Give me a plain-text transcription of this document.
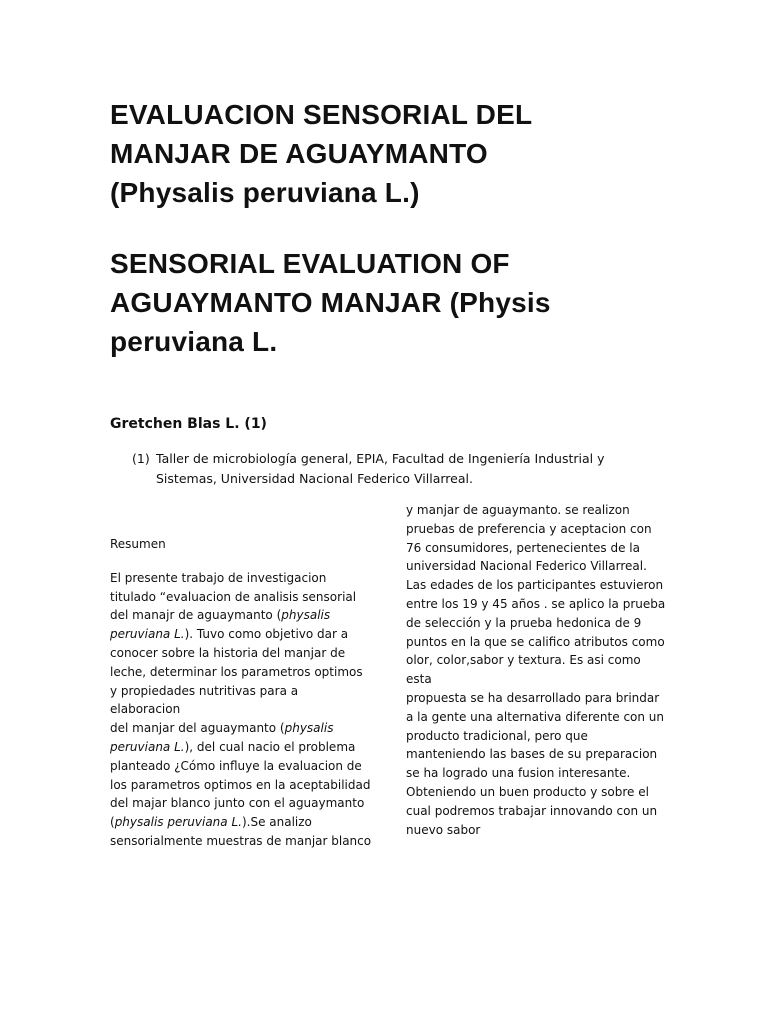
EVALUACION SENSORIAL DEL
MANJAR DE AGUAYMANTO
(Physalis peruviana L.)
SENSORIAL EVALUATION OF
AGUAYMANTO MANJAR (Physis
peruviana L.
Gretchen Blas L. (1)
(1) Taller de microbiología general, EPIA, Facultad de Ingeniería Industrial y
Sistemas, Universidad Nacional Federico Villarreal.
Resumen

El presente trabajo de investigacion
titulado “evaluacion de analisis sensorial
del manajr de aguaymanto (physalis
peruviana L.). Tuvo como objetivo dar a
conocer sobre la historia del manjar de
leche, determinar los parametros optimos
y propiedades nutritivas para a elaboracion
del manjar del aguaymanto (physalis
peruviana L.), del cual nacio el problema
planteado ¿Cómo influye la evaluacion de
los parametros optimos en la aceptabilidad
del majar blanco junto con el aguaymanto
(physalis peruviana L.).Se analizo
sensorialmente muestras de manjar blanco

y manjar de aguaymanto. se realizon
pruebas de preferencia y aceptacion con
76 consumidores, pertenecientes de la
universidad Nacional Federico Villarreal.
Las edades de los participantes estuvieron
entre los 19 y 45 años . se aplico la prueba
de selección y la prueba hedonica de 9
puntos en la que se califico atributos como
olor, color,sabor y textura. Es asi como esta
propuesta se ha desarrollado para brindar
a la gente una alternativa diferente con un
producto tradicional, pero que
manteniendo las bases de su preparacion
se ha logrado una fusion interesante.
Obteniendo un buen producto y sobre el
cual podremos trabajar innovando con un
nuevo sabor
